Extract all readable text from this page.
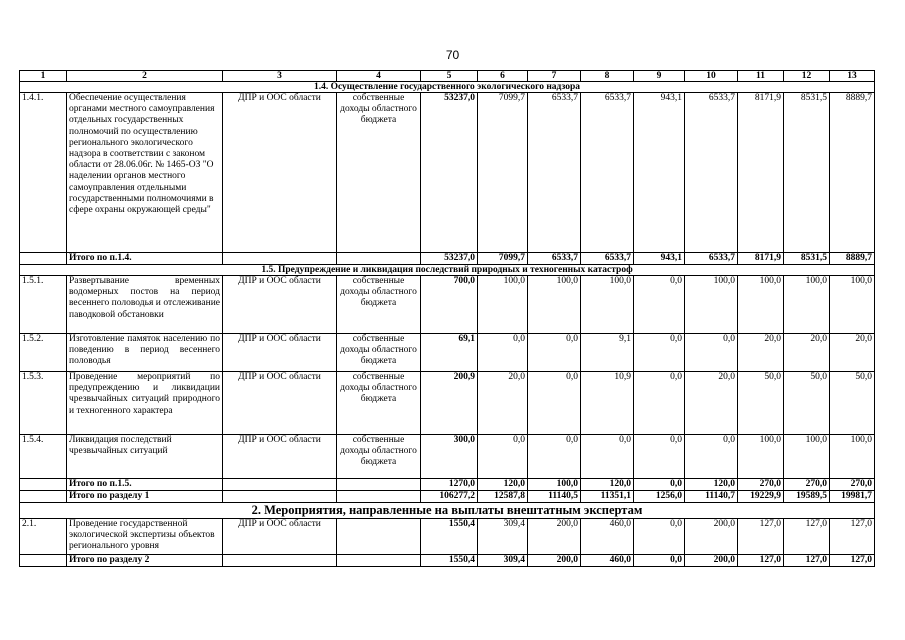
70
1	2	3	4	5	6	7	8	9	10	11	12	13
1.4. Осуществление государственного экологического надзора												
1.4.1.	Обеспечение осуществления органами местного самоуправления отдельных государственных полномочий по осуществлению регионального экологического надзора в соответствии с законом области от 28.06.06г. № 1465-ОЗ "О наделении органов местного самоуправления отдельными государственными полномочиями в сфере охраны окружающей среды"	ДПР и ООС области	собственные доходы областного бюджета	53237,0	7099,7	6533,7	6533,7	943,1	6533,7	8171,9	8531,5	8889,7
	Итого по п.1.4.			53237,0	7099,7	6533,7	6533,7	943,1	6533,7	8171,9	8531,5	8889,7
1.5. Предупреждение и ликвидация последствий природных и техногенных катастроф												
1.5.1.	Развертывание временных водомерных постов на период весеннего половодья и отслеживание паводковой обстановки	ДПР и ООС области	собственные доходы областного бюджета	700,0	100,0	100,0	100,0	0,0	100,0	100,0	100,0	100,0
1.5.2.	Изготовление памяток населению по поведению в период весеннего половодья	ДПР и ООС области	собственные доходы областного бюджета	69,1	0,0	0,0	9,1	0,0	0,0	20,0	20,0	20,0
1.5.3.	Проведение мероприятий по предупреждению и ликвидации чрезвычайных ситуаций природного и техногенного характера	ДПР и ООС области	собственные доходы областного бюджета	200,9	20,0	0,0	10,9	0,0	20,0	50,0	50,0	50,0
1.5.4.	Ликвидация последствий чрезвычайных ситуаций	ДПР и ООС области	собственные доходы областного бюджета	300,0	0,0	0,0	0,0	0,0	0,0	100,0	100,0	100,0
	Итого по п.1.5.			1270,0	120,0	100,0	120,0	0,0	120,0	270,0	270,0	270,0
	Итого по разделу 1			106277,2	12587,8	11140,5	11351,1	1256,0	11140,7	19229,9	19589,5	19981,7
2. Мероприятия, направленные на выплаты внештатным экспертам												
2.1.	Проведение государственной экологической экспертизы объектов регионального уровня	ДПР и ООС области		1550,4	309,4	200,0	460,0	0,0	200,0	127,0	127,0	127,0
	Итого по разделу 2			1550,4	309,4	200,0	460,0	0,0	200,0	127,0	127,0	127,0
